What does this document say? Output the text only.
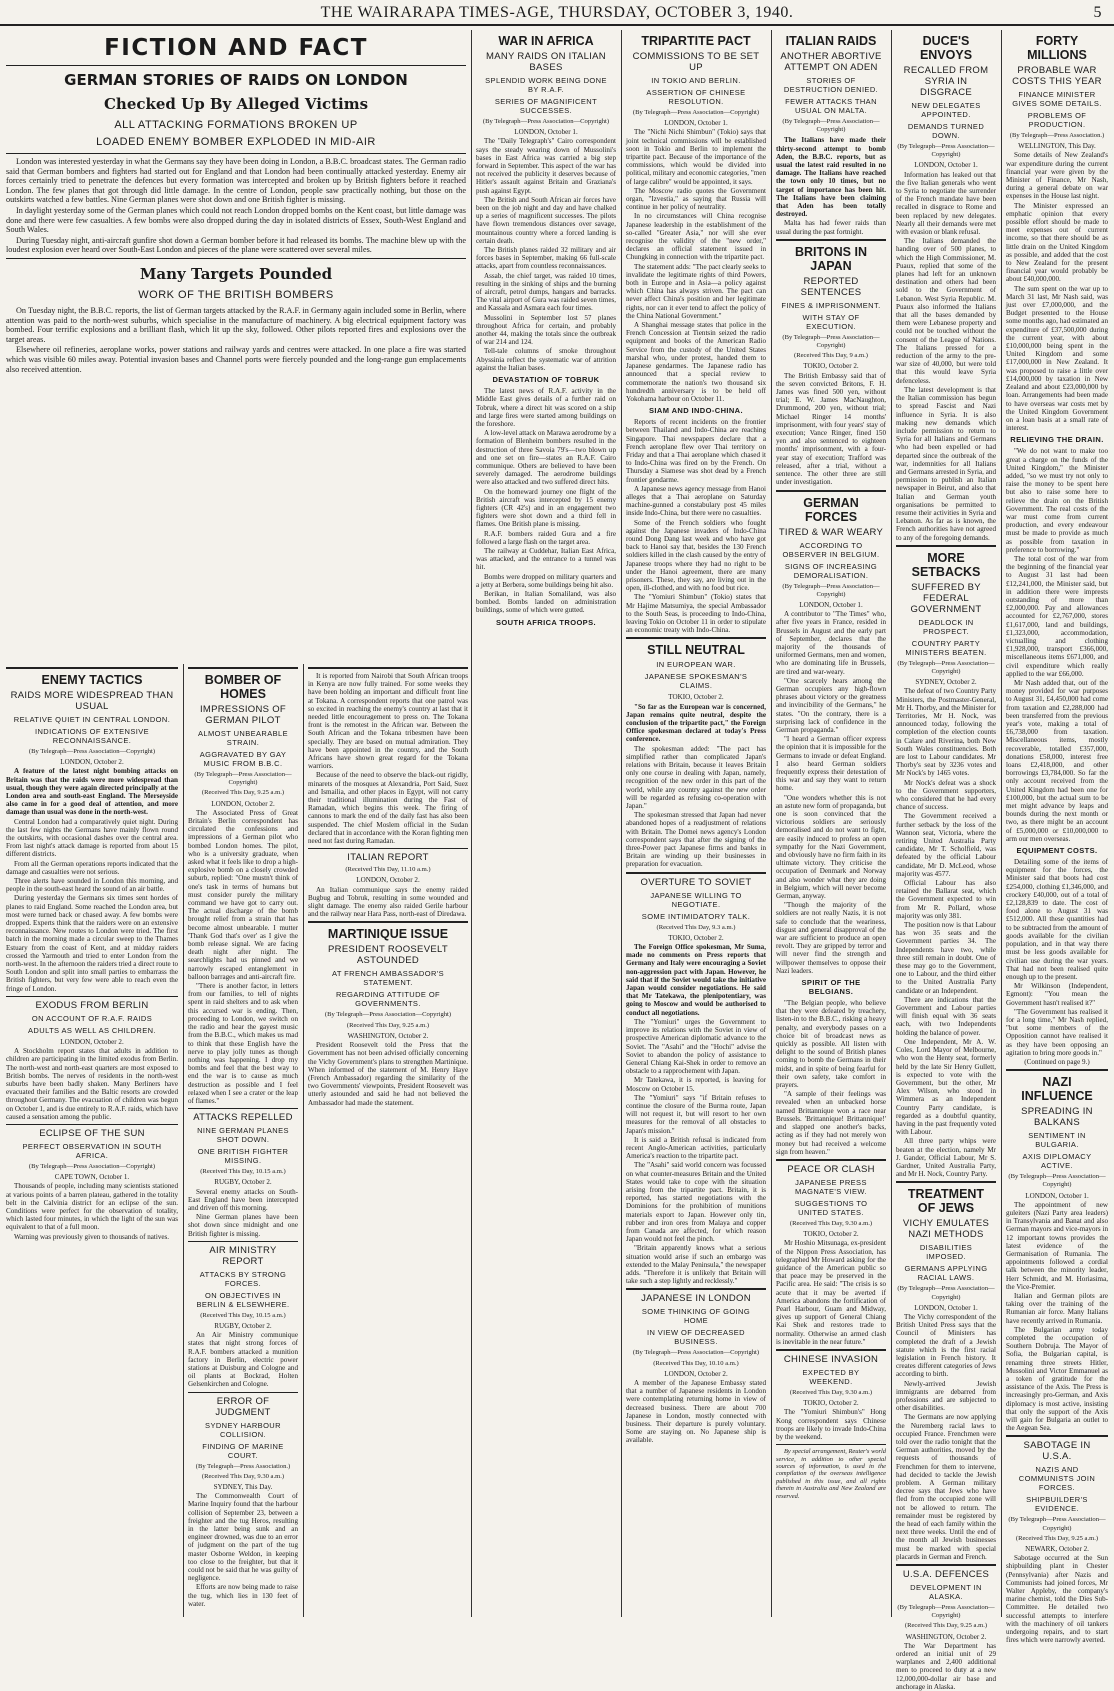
THE WAIRARAPA TIMES-AGE, THURSDAY, OCTOBER 3, 1940.	5
FICTION AND FACT
GERMAN STORIES OF RAIDS ON LONDON
Checked Up By Alleged Victims
ALL ATTACKING FORMATIONS BROKEN UP
LOADED ENEMY BOMBER EXPLODED IN MID-AIR

London was interested yesterday in what the Germans say they have been doing in London, a B.B.C. broadcast states. The German radio said that German bombers and fighters had started out for England and that London had been continually attacked yesterday. Enemy air forces certainly tried to penetrate the defences but every formation was intercepted and broken up by British fighters before it reached London. The few planes that got through did little damage. In the centre of London, people saw practically nothing, but those on the outskirts watched a few battles. Nine German planes were shot down and one British fighter is missing.

In daylight yesterday some of the German planes which could not reach London dropped bombs on the Kent coast, but little damage was done and there were few casualties. A few bombs were also dropped during the day in isolated districts of Essex, South-West England and South Wales.

During Tuesday night, anti-aircraft gunfire shot down a German bomber before it had released its bombs. The machine blew up with the loudest explosion ever heard over South-East London and pieces of the plane were scattered over several miles.

Many Targets Pounded
WORK OF THE BRITISH BOMBERS

On Tuesday night, the B.B.C. reports, the list of German targets attacked by the R.A.F. in Germany again included some in Berlin, where attention was paid to the north-west suburbs, which specialise in the manufacture of machinery. A big electrical equipment factory was bombed. Four terrific explosions and a brilliant flash, which lit up the sky, followed. Other pilots reported fires and explosions over the target areas.

Elsewhere oil refineries, aeroplane works, power stations and railway yards and centres were attacked. In one place a fire was started which was visible 60 miles away. Potential invasion bases and Channel ports were fiercely pounded and the long-range gun emplacements also received attention.

ENEMY TACTICS
RAIDS MORE WIDESPREAD THAN USUAL
RELATIVE QUIET IN CENTRAL LONDON.
INDICATIONS OF EXTENSIVE RECONNAISSANCE.
(By Telegraph—Press Association—Copyright)
LONDON, October 2.

A feature of the latest night bombing attacks on Britain was that the raids were more widespread than usual, though they were again directed principally at the London area and south-east England. The Merseyside also came in for a good deal of attention, and more damage than usual was done in the north-west.

Central London had a comparatively quiet night. During the last few nights the Germans have mainly flown round the outskirts, with occasional dashes over the central area. From last night's attack damage is reported from about 15 different districts.

From all the German operations reports indicated that the damage and casualties were not serious.

Three alerts have sounded in London this morning, and people in the south-east heard the sound of an air battle.

During yesterday the Germans six times sent hordes of planes to raid England. Some reached the London area, but most were turned back or chased away. A few bombs were dropped. Experts think that the raiders were on an extensive reconnaissance. New routes to London were tried. The first batch in the morning made a circular sweep to the Thames Estuary from the coast of Kent, and at midday raiders crossed the Yarmouth and tried to enter London from the north-west. In the afternoon the raiders tried a direct route to South London and split into small parties to embarrass the British fighters, but very few were able to reach even the fringe of London.

EXODUS FROM BERLIN
ON ACCOUNT OF R.A.F. RAIDS
ADULTS AS WELL AS CHILDREN.
LONDON, October 2.

A Stockholm report states that adults in addition to children are participating in the limited exodus from Berlin. The north-west and north-east quarters are most exposed to British bombs. The nerves of residents in the north-west suburbs have been badly shaken. Many Berliners have evacuated their families and the Baltic resorts are crowded throughout Germany. The evacuation of children was begun on October 1, and is due entirely to R.A.F. raids, which have caused a sensation among the public.

ECLIPSE OF THE SUN
PERFECT OBSERVATION IN SOUTH AFRICA.
(By Telegraph—Press Association—Copyright)
CAPE TOWN, October 1.

Thousands of people, including many scientists stationed at various points of a barren plateau, gathered in the totality belt in the Calvinia district for an eclipse of the sun. Conditions were perfect for the observation of totality, which lasted four minutes, in which the light of the sun was equivalent to that of a full moon.

Warning was previously given to thousands of natives.

BOMBER OF HOMES
IMPRESSIONS OF GERMAN PILOT
ALMOST UNBEARABLE STRAIN.
AGGRAVATED BY GAY MUSIC FROM B.B.C.
(By Telegraph—Press Association—Copyright)
(Received This Day, 9.25 a.m.)
LONDON, October 2.

The Associated Press of Great Britain's Berlin correspondent has circulated the confessions and impressions of a German pilot who bombed London homes. The pilot, who is a university graduate, when asked what it feels like to drop a high-explosive bomb on a closely crowded suburb, replied: "One mustn't think of one's task in terms of humans but must consider purely the military command we have got to carry out. The actual discharge of the bomb brought relief from a strain that has become almost unbearable. I mutter 'Thank God that's over' as I give the bomb release signal. We are facing death night after night. The searchlights had us pinned and we narrowly escaped entanglement in balloon barrages and anti-aircraft fire.

"There is another factor, in letters from our families, to tell of nights spent in raid shelters and to ask when this accursed war is ending. Then, proceeding to London, we switch on the radio and hear the gayest music from the B.B.C., which makes us mad to think that these English have the nerve to play jolly tunes as though nothing was happening. I drop my bombs and feel that the best way to end the war is to cause as much destruction as possible and I feel relaxed when I see a crater or the leap of flames."

ATTACKS REPELLED
NINE GERMAN PLANES SHOT DOWN.
ONE BRITISH FIGHTER MISSING.
(Received This Day, 10.15 a.m.)
RUGBY, October 2.

Several enemy attacks on South-East England have been intercepted and driven off this morning.

Nine German planes have been shot down since midnight and one British fighter is missing.

AIR MINISTRY REPORT
ATTACKS BY STRONG FORCES.
ON OBJECTIVES IN BERLIN & ELSEWHERE.
(Received This Day, 10.15 a.m.)
RUGBY, October 2.

An Air Ministry communique states that night strong forces of R.A.F. bombers attacked a munition factory in Berlin, electric power stations at Duisburg and Cologne and oil plants at Bockrad, Holten Gelsenkirchen and Cologne.

ERROR OF JUDGMENT
SYDNEY HARBOUR COLLISION.
FINDING OF MARINE COURT.
(By Telegraph—Press Association.)
(Received This Day, 9.30 a.m.)
SYDNEY, This Day.

The Commonwealth Court of Marine Inquiry found that the harbour collision of September 23, between a freighter and the tug Heros, resulting in the latter being sunk and an engineer drowned, was due to an error of judgment on the part of the tug master Osborne Weldon, in keeping too close to the freighter, but that it could not be said that he was guilty of negligence.

Efforts are now being made to raise the tug, which lies in 130 feet of water.

It is reported from Nairobi that South African troops in Kenya are now fully trained. For some weeks they have been holding an important and difficult front line at Tokana. A correspondent reports that one patrol was so excited in reaching the enemy's country at last that it needed little encouragement to press on. The Tokana front is the remotest in the African war. Between the South African and the Tokana tribesmen have been specially. They are based on mutual admiration. They have been appointed in the country, and the South Africans have shown great regard for the Tokana warriors.

Because of the need to observe the black-out rigidly, minarets of the mosques at Alexandria, Port Said, Suez and Ismailia, and other places in Egypt, will not carry their traditional illumination during the Fast of Ramadan, which begins this week. The firing of cannons to mark the end of the daily fast has also been suspended. The chief Moslem official in the Sudan declared that in accordance with the Koran fighting men need not fast during Ramadan.

ITALIAN REPORT
(Received This Day, 11.10 a.m.)
LONDON, October 2.

An Italian communique says the enemy raided Bugbug and Tobruk, resulting in some wounded and slight damage. The enemy also raided Gerile harbour and the railway near Hara Pass, north-east of Diredawa.

MARTINIQUE ISSUE
PRESIDENT ROOSEVELT ASTOUNDED
AT FRENCH AMBASSADOR'S STATEMENT.
REGARDING ATTITUDE OF GOVERNMENTS.
(By Telegraph—Press Association—Copyright)
(Received This Day, 9.25 a.m.)
WASHINGTON, October 2.

President Roosevelt told the Press that the Government has not been advised officially concerning the Vichy Government's plans to strengthen Martinique. When informed of the statement of M. Henry Haye (French Ambassador) regarding the similarity of the two Governments' viewpoints, President Roosevelt was utterly astounded and said he had not believed the Ambassador had made the statement.

WAR IN AFRICA
MANY RAIDS ON ITALIAN BASES
SPLENDID WORK BEING DONE BY R.A.F.
SERIES OF MAGNIFICENT SUCCESSES.
(By Telegraph—Press Association—Copyright)
LONDON, October 1.

The "Daily Telegraph's" Cairo correspondent says the steady wearing down of Mussolini's bases in East Africa was carried a big step forward in September. This aspect of the war has not received the publicity it deserves because of Hitler's assault against Britain and Graziana's push against Egypt.

The British and South African air forces have been on the job night and day and have chalked up a series of magnificent successes. The pilots have flown tremendous distances over savage, mountainous country where a forced landing is certain death.

The British planes raided 32 military and air forces bases in September, making 66 full-scale attacks, apart from countless reconnaissances.

Assab, the chief target, was raided 10 times, resulting in the sinking of ships and the burning of aircraft, petrol dumps, hangars and barracks. The vital airport of Gura was raided seven times, and Kassala and Asmara each four times.

Mussolini in September lost 57 planes throughout Africa for certain, and probably another 44, making the totals since the outbreak of war 214 and 124.

Tell-tale columns of smoke throughout Abyssinia reflect the systematic war of attrition against the Italian bases.

DEVASTATION OF TOBRUK

The latest news of R.A.F. activity in the Middle East gives details of a further raid on Tobruk, where a direct hit was scored on a ship and large fires were started among buildings on the foreshore.

A low-level attack on Marawa aerodrome by a formation of Blenheim bombers resulted in the destruction of three Savoia 79's—two blown up and one set on fire—states an R.A.F. Cairo communique. Others are believed to have been severely damaged. The aerodrome buildings were also attacked and two suffered direct hits.

On the homeward journey one flight of the British aircraft was intercepted by 15 enemy fighters (CR 42's) and in an engagement two fighters were shot down and a third fell in flames. One British plane is missing.

R.A.F. bombers raided Gura and a fire followed a large flash on the target area.

The railway at Cuddehar, Italian East Africa, was attacked, and the entrance to a tunnel was hit.

Bombs were dropped on military quarters and a jetty at Berbera, some buildings being hit also.

Berikan, in Italian Somaliland, was also bombed. Bombs landed on administration buildings, some of which were gutted.

SOUTH AFRICA TROOPS.
TRIPARTITE PACT
COMMISSIONS TO BE SET UP
IN TOKIO AND BERLIN.
ASSERTION OF CHINESE RESOLUTION.
(By Telegraph—Press Association—Copyright)
LONDON, October 1.

The "Nichi Nichi Shimbun" (Tokio) says that joint technical commissions will be established soon in Tokio and Berlin to implement the tripartite pact. Because of the importance of the commissions, which would be divided into political, military and economic categories, "men of large calibre" would be appointed, it says.

The Moscow radio quotes the Government organ, "Izvestia," as saying that Russia will continue in her policy of neutrality.

In no circumstances will China recognise Japanese leadership in the establishment of the so-called "Greater Asia," nor will she ever recognise the validity of the "new order," declares an official statement issued in Chungking in connection with the tripartite pact.

The statement adds: "The pact clearly seeks to invalidate the legitimate rights of third Powers, both in Europe and in Asia—a policy against which China has always striven. The pact can never affect China's position and her legitimate rights, nor can it ever tend to affect the policy of the China National Government."

A Shanghai message states that police in the French Concession at Tientsin seized the radio equipment and books of the American Radio Service from the custody of the United States marshal who, under protest, handed them to Japanese gendarmes. The Japanese radio has announced that a special review to commemorate the nation's two thousand six hundredth anniversary is to be held off Yokohama harbour on October 11.

SIAM AND INDO-CHINA.

Reports of recent incidents on the frontier between Thailand and Indo-China are reaching Singapore. Thai newspapers declare that a French aeroplane flew over Thai territory on Friday and that a Thai aeroplane which chased it to Indo-China was fired on by the French. On Thursday a Siamese was shot dead by a French frontier gendarme.

A Japanese news agency message from Hanoi alleges that a Thai aeroplane on Saturday machine-gunned a constabulary post 45 miles inside Indo-China, but there were no casualties.

Some of the French soldiers who fought against the Japanese invaders of Indo-China round Dong Dang last week and who have got back to Hanoi say that, besides the 130 French soldiers killed in the clash caused by the entry of Japanese troops where they had no right to be under the Hanoi agreement, there are many prisoners. These, they say, are living out in the open, ill-clothed, and with no food but rice.

The "Yomiuri Shimbun" (Tokio) states that Mr Hajime Matsumiya, the special Ambassador to the South Seas, is proceeding to Indo-China, leaving Tokio on October 11 in order to stipulate an economic treaty with Indo-China.

STILL NEUTRAL
IN EUROPEAN WAR.
JAPANESE SPOKESMAN'S CLAIMS.
TOKIO, October 2.

"So far as the European war is concerned, Japan remains quite neutral, despite the conclusion of the tripartite pact," the Foreign Office spokesman declared at today's Press conference.

The spokesman added: "The pact has simplified rather than complicated Japan's relations with Britain, because it leaves Britain only one course in dealing with Japan, namely, recognition of the new order in this part of the world, while any country against the new order will be regarded as refusing co-operation with Japan."

The spokesman stressed that Japan had never abandoned hopes of a readjustment of relations with Britain. The Domei news agency's London correspondent says that after the signing of the three-Power pact Japanese firms and banks in Britain are winding up their businesses in preparation for evacuation.

OVERTURE TO SOVIET
JAPANESE WILLING TO NEGOTIATE.
SOME INTIMIDATORY TALK.
(Received This Day, 9.3 a.m.)
TOKIO, October 2.

The Foreign Office spokesman, Mr Suma, made no comments on Press reports that Germany and Italy were encouraging a Soviet non-aggression pact with Japan. However, he said that if the Soviet would take the initiative Japan would consider negotiations. He said that Mr Tatekawa, the plenipotentiary, was going to Moscow and would be authorised to conduct all negotiations.

The "Yomiuri" urges the Government to improve its relations with the Soviet in view of prospective American diplomatic advance to the Soviet. The "Asahi" and the "Hochi" advise the Soviet to abandon the policy of assistance to General Chiang Kai-Shek in order to remove an obstacle to a rapprochement with Japan.

Mr Tatekawa, it is reported, is leaving for Moscow on October 15.

The "Yomiuri" says "if Britain refuses to continue the closure of the Burma route, Japan will not request it, but will resort to her own measures for the removal of all obstacles to Japan's mission."

It is said a British refusal is indicated from recent Anglo-American activities, particularly America's reaction to the tripartite pact.

The "Asahi" said world concern was focussed on what counter-measures Britain and the United States would take to cope with the situation arising from the tripartite pact. Britain, it is reported, has started negotiations with the Dominions for the prohibition of munitions materials export to Japan. However only tin, rubber and iron ores from Malaya and copper from Canada are affected, for which reason Japan would not feel the pinch.

"Britain apparently knows what a serious situation would arise if such an embargo was extended to the Malay Peninsula," the newspaper adds. "Therefore it is unlikely that Britain will take such a step lightly and recklessly."

JAPANESE IN LONDON
SOME THINKING OF GOING HOME
IN VIEW OF DECREASED BUSINESS.
(By Telegraph—Press Association—Copyright)
(Received This Day, 10.10 a.m.)
LONDON, October 2.

A member of the Japanese Embassy stated that a number of Japanese residents in London were contemplating returning home in view of decreased business. There are about 700 Japanese in London, mostly connected with business. Their departure is purely voluntary. Some are staying on. No Japanese ship is available.

ITALIAN RAIDS
ANOTHER ABORTIVE ATTEMPT ON ADEN
STORIES OF DESTRUCTION DENIED.
FEWER ATTACKS THAN USUAL ON MALTA.
(By Telegraph—Press Association—Copyright)

The Italians have made their thirty-second attempt to bomb Aden, the B.B.C. reports, but as usual the latest raid resulted in no damage. The Italians have reached the town only 10 times, but no target of importance has been hit. The Italians have been claiming that Aden has been totally destroyed.

Malta has had fewer raids than usual during the past fortnight.

BRITONS IN JAPAN
REPORTED SENTENCES
FINES & IMPRISONMENT.
WITH STAY OF EXECUTION.
(By Telegraph—Press Association—Copyright)
(Received This Day, 9 a.m.)
TOKIO, October 2.

The British Embassy said that of the seven convicted Britons, F. H. James was fined 500 yen, without trial; E. W. James MacNaughton, Drummond, 200 yen, without trial; Michael Ringer 14 months' imprisonment, with four years' stay of execution; Vance Ringer, fined 150 yen and also sentenced to eighteen months' imprisonment, with a four-year stay of execution; Trafford was released, after a trial, without a sentence. The other three are still under investigation.

GERMAN FORCES
TIRED & WAR WEARY
ACCORDING TO OBSERVER IN BELGIUM.
SIGNS OF INCREASING DEMORALISATION.
(By Telegraph—Press Association—Copyright)
LONDON, October 1.

A contributor to "The Times" who, after five years in France, resided in Brussels in August and the early part of September, declares that the majority of the thousands of uniformed Germans, men and women, who are dominating life in Brussels, are tired and war-weary.

"One scarcely hears among the German occupiers any high-flown phrases about victory or the greatness and invincibility of the Germans," he states. "On the contrary, there is a surprising lack of confidence in the German propaganda."

"I heard a German officer express the opinion that it is impossible for the Germans to invade or defeat England. I also heard German soldiers frequently express their detestation of this war and say they want to return home.

"One wonders whether this is not an astute new form of propaganda, but one is soon convinced that the victorious soldiers are seriously demoralised and do not want to fight, are easily induced to profess an open sympathy for the Nazi Government, and obviously have no firm faith in its ultimate victory. They criticise the occupation of Denmark and Norway and also wonder what they are doing in Belgium, which will never become German, anyway.

"Though the majority of the soldiers are not really Nazis, it is not safe to conclude that the weariness, disgust and general disapproval of the war are sufficient to produce an open revolt. They are gripped by terror and will never find the strength and willpower themselves to oppose their Nazi leaders.

SPIRIT OF THE BELGIANS.

"The Belgian people, who believe that they were defeated by treachery, listen-in to the B.B.C., risking a heavy penalty, and everybody passes on a choice bit of broadcast news as quickly as possible. All listen with delight to the sound of British planes coming to bomb the Germans in their midst, and in spite of being fearful for their own safety, take comfort in prayers.

"A sample of their feelings was revealed when an unbacked horse named Brittannique won a race near Brussels. 'Brittannique! Brittannique!' and slapped one another's backs, acting as if they had not merely won money but had received a welcome sign from heaven."

PEACE OR CLASH
JAPANESE PRESS MAGNATE'S VIEW.
SUGGESTIONS TO UNITED STATES.
(Received This Day, 9.30 a.m.)
TOKIO, October 2.

Mr Hoshio Mitsunaga, ex-president of the Nippon Press Association, has telegraphed Mr Howard asking for the guidance of the American public so that peace may be preserved in the Pacific area. He said: "The crisis is so acute that it may be averted if America abandons the fortification of Pearl Harbour, Guam and Midway, gives up support of General Chiang Kai Shek and restores trade to normality. Otherwise an armed clash is inevitable in the near future."

CHINESE INVASION
EXPECTED BY WEEKEND.
(Received This Day, 9.30 a.m.)
TOKIO, October 2.

The "Yomiuri Shimbun's" Hong Kong correspondent says Chinese troops are likely to invade Indo-China by the weekend.

By special arrangement, Reuter's world service, in addition to other special sources of information, is used in the compilation of the overseas intelligence published in this issue, and all rights therein in Australia and New Zealand are reserved.

DUCE'S ENVOYS
RECALLED FROM SYRIA IN DISGRACE
NEW DELEGATES APPOINTED.
DEMANDS TURNED DOWN.
(By Telegraph—Press Association—Copyright)
LONDON, October 1.

Information has leaked out that the five Italian generals who went to Syria to negotiate the surrender of the French mandate have been recalled in disgrace to Rome and been replaced by new delegates. Nearly all their demands were met with evasion or blank refusal.

The Italians demanded the handing over of 500 planes, to which the High Commissioner, M. Puaux, replied that some of the planes had left for an unknown destination and others had been sold to the Government of Lebanon. West Syria Republic. M. Puaux also informed the Italians that all the bases demanded by them were Lebanese property and could not be touched without the consent of the League of Nations. The Italians pressed for a reduction of the army to the pre-war size of 40,000, but were told that this would leave Syria defenceless.

The latest development is that the Italian commission has begun to spread Fascist and Nazi influence in Syria. It is also making new demands which include permission to return to Syria for all Italians and Germans who had been expelled or had departed since the outbreak of the war, indemnities for all Italians and Germans arrested in Syria, and permission to publish an Italian newspaper in Beirut, and also that Italian and German youth organisations be permitted to resume their activities in Syria and Lebanon. As far as is known, the French authorities have not agreed to any of the foregoing demands.

MORE SETBACKS
SUFFERED BY FEDERAL GOVERNMENT
DEADLOCK IN PROSPECT.
COUNTRY PARTY MINISTERS BEATEN.
(By Telegraph—Press Association—Copyright)
SYDNEY, October 2.

The defeat of two Country Party Ministers, the Postmaster-General, Mr H. Thorby, and the Minister for Territories, Mr H. Nock, was announced today, following the completion of the election counts in Calare and Riverina, both New South Wales constituencies. Both are lost to Labour candidates. Mr Thorby's seat by 3236 votes and Mr Nock's by 1465 votes.

Mr Nock's defeat was a shock to the Government supporters, who considered that he had every chance of success.

The Government received a further setback by the loss of the Wannon seat, Victoria, where the retiring United Australia Party candidate, Mr T. Scholfield, was defeated by the official Labour candidate, Mr D. McLeod, whose majority was 4577.

Official Labour has also retained the Ballarat seat, which the Government expected to win from Mr R. Pollard, whose majority was only 381.

The position now is that Labour has won 35 seats and the Government parties 34. The Independents have two, while three still remain in doubt. One of these may go to the Government, one to Labour, and the third either to the United Australia Party candidate or an Independent.

There are indications that the Government and Labour parties will finish equal with 36 seats each, with two Independents holding the balance of power.

One Independent, Mr A. W. Coles, Lord Mayor of Melbourne, who won the Henty seat, formerly held by the late Sir Henry Gullett, is expected to vote with the Government, but the other, Mr Alex Wilson, who stood in Wimmera as an Independent Country Party candidate, is regarded as a doubtful quantity, having in the past frequently voted with Labour.

All three party whips were beaten at the election, namely Mr J. Gander, Official Labour, Mr S. Gardner, United Australia Party, and Mr H. Nock, Country Party.

TREATMENT OF JEWS
VICHY EMULATES NAZI METHODS
DISABILITIES IMPOSED.
GERMANS APPLYING RACIAL LAWS.
(By Telegraph—Press Association—Copyright)
LONDON, October 1.

The Vichy correspondent of the British United Press says that the Council of Ministers has completed the draft of a Jewish statute which is the first racial legislation in French history. It creates different categories of Jews according to birth.

Newly-arrived Jewish immigrants are debarred from professions and are subjected to other disabilities.

The Germans are now applying the Nuremberg racial laws to occupied France. Frenchmen were told over the radio tonight that the German authorities, moved by the requests of thousands of Frenchmen for them to intervene, had decided to tackle the Jewish problem. A German military decree says that Jews who have fled from the occupied zone will not be allowed to return. The remainder must be registered by the head of each family within the next three weeks. Until the end of the month all Jewish businesses must be marked with special placards in German and French.

U.S.A. DEFENCES
DEVELOPMENT IN ALASKA.
(By Telegraph—Press Association—Copyright)
(Received This Day, 9.25 a.m.)
WASHINGTON, October 2.

The War Department has ordered an initial unit of 29 warplanes and 2,400 additional men to proceed to duty at a new 12,000,000-dollar air base and anchorage in Alaska.

FORTY MILLIONS
PROBABLE WAR COSTS THIS YEAR
FINANCE MINISTER GIVES SOME DETAILS.
PROBLEMS OF PRODUCTION.
(By Telegraph—Press Association.)
WELLINGTON, This Day.

Some details of New Zealand's war expenditure during the current financial year were given by the Minister of Finance, Mr Nash, during a general debate on war expenses in the House last night.

The Minister expressed an emphatic opinion that every possible effort should be made to meet expenses out of current income, so that there should be as little drain on the United Kingdom as possible, and added that the cost to New Zealand for the present financial year would probably be about £40,000,000.

The sum spent on the war up to March 31 last, Mr Nash said, was just over £7,000,000, and the Budget presented to the House some months ago, had estimated an expenditure of £37,500,000 during the current year, with about £10,000,000 being spent in the United Kingdom and some £17,000,000 in New Zealand. It was proposed to raise a little over £14,000,000 by taxation in New Zealand and about £23,000,000 by loan. Arrangements had been made to have overseas war costs met by the United Kingdom Government on a loan basis at a small rate of interest.

RELIEVING THE DRAIN.

"We do not want to make too great a charge on the funds of the United Kingdom," the Minister added, "so we must try not only to raise the money to be spent here but also to raise some here to relieve the drain on the British Government. The real costs of the war must come from current production, and every endeavour must be made to provide as much as possible from taxation in preference to borrowing."

The total cost of the war from the beginning of the financial year to August 31 last had been £12,241,000, the Minister said, but in addition there were imprests outstanding of more than £2,000,000. Pay and allowances accounted for £2,767,000, stores £1,617,000, land and buildings, £1,323,000, accommodation, victualling and clothing £1,928,000, transport £366,000, miscellaneous items £671,000, and civil expenditure which really applied to the war £66,000.

Mr Nash added that, out of the money provided for war purposes to August 31, £4,450,000 had come from taxation and £2,288,000 had been transferred from the previous year's vote, making a total of £6,738,000 from taxation. Miscellaneous items, mostly recoverable, totalled £357,000, donations £58,000, interest free loans £2,418,000, and other borrowings £3,784,000. So far the only account received from the United Kingdom had been one for £100,000, but the actual sum to be met might advance by leaps and bounds during the next month or two, as there might be an account of £5,000,000 or £10,000,000 to arm our men overseas.

EQUIPMENT COSTS.

Detailing some of the items of equipment for the forces, the Minister said that boots had cost £254,000, clothing £1,346,000, and crockery £40,000, out of a total of £2,128,839 to date. The cost of food alone to August 31 was £512,000. All these quantities had to be subtracted from the amount of goods available for the civilian population, and in that way there must be less goods available for civilian use during the war years. That had not been realised quite enough up to the present.

Mr Wilkinson (Independent, Egmont): "You mean the Government hasn't realised it?"

"The Government has realised it for a long time," Mr Nash replied, "but some members of the Opposition cannot have realised it as they have been opposing an agitation to bring more goods in."

(Continued on page 9.)
NAZI INFLUENCE
SPREADING IN BALKANS
SENTIMENT IN BULGARIA.
AXIS DIPLOMACY ACTIVE.
(By Telegraph—Press Association—Copyright)
LONDON, October 1.

The appointment of new guleiters (Nazi Party area leaders) in Transylvania and Banat and also German mayors and vice-mayors in 12 important towns provides the latest evidence of the Germanisation of Rumania. The appointments followed a cordial talk between the minority leader, Herr Schmidt, and M. Horiasima, the Vice-Premier.

Italian and German pilots are taking over the training of the Rumanian air force. Many Italians have recently arrived in Rumania.

The Bulgarian army today completed the occupation of Southern Dobruja. The Mayor of Sofia, the Bulgarian capital, is renaming three streets Hitler, Mussolini and Victor Emmanuel as a token of gratitude for the assistance of the Axis. The Press is increasingly pro-German, and Axis diplomacy is most active, insisting that only the support of the Axis will gain for Bulgaria an outlet to the Aegean Sea.

SABOTAGE IN U.S.A.
NAZIS AND COMMUNISTS JOIN FORCES.
SHIPBUILDER'S EVIDENCE.
(By Telegraph—Press Association—Copyright)
(Received This Day, 9.25 a.m.)
NEWARK, October 2.

Sabotage occurred at the Sun shipbuilding plant in Chester (Pennsylvania) after Nazis and Communists had joined forces, Mr Walter Appleby, the company's marine chemist, told the Dies Sub-Committee. He detailed two successful attempts to interfere with the machinery of oil tankers undergoing repairs, and to start fires which were narrowly averted.
